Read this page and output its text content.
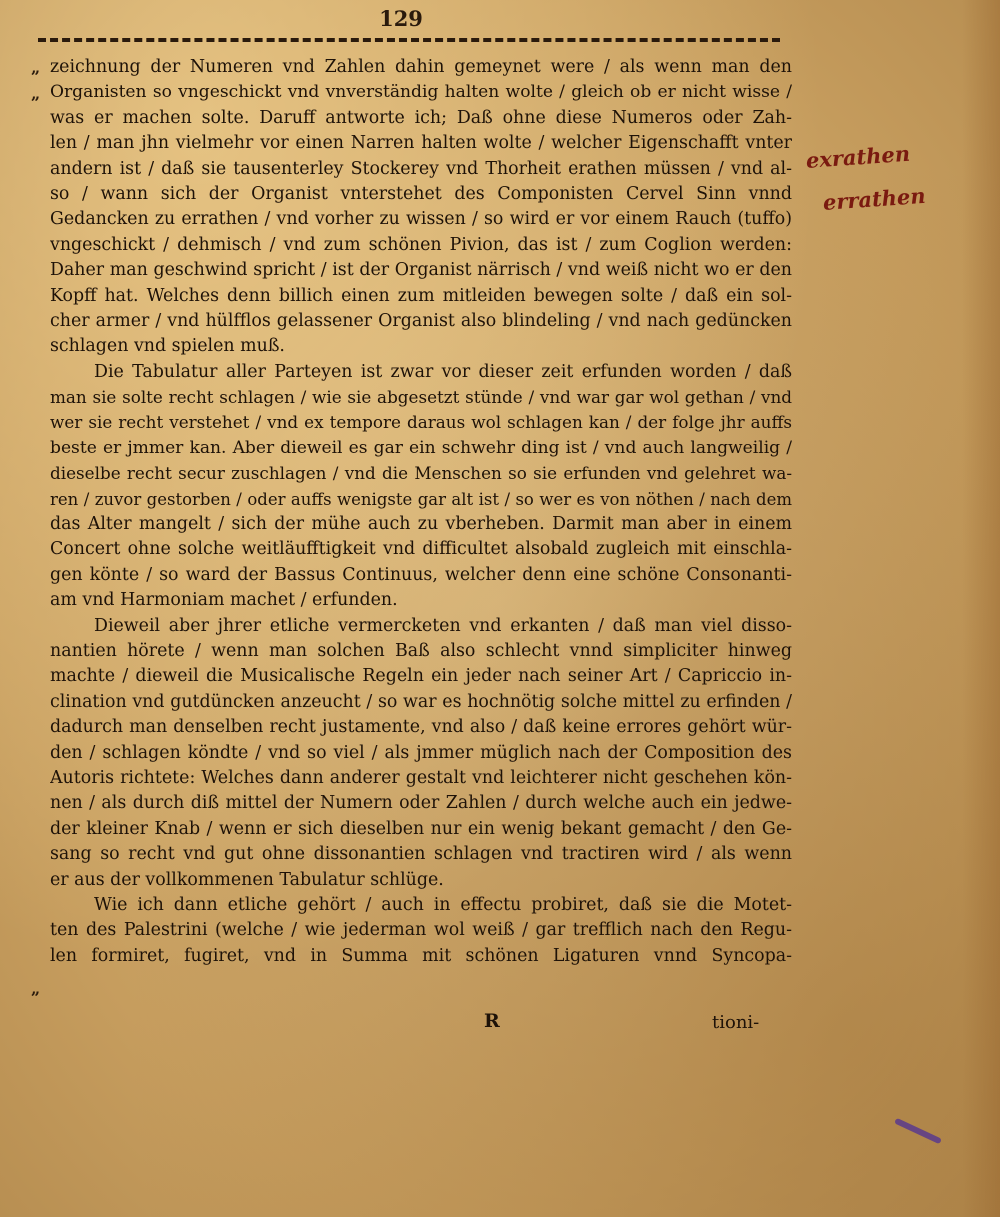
129
„
„
„
zeichnung der Numeren vnd Zahlen dahin gemeynet were / als wenn man den
Organisten so vngeschickt vnd vnverständig halten wolte / gleich ob er nicht wisse /
was er machen solte. Daruff antworte ich; Daß ohne diese Numeros oder Zah-
len / man jhn vielmehr vor einen Narren halten wolte / welcher Eigenschafft vnter
andern ist / daß sie tausenterley Stockerey vnd Thorheit erathen müssen / vnd al-
so / wann sich der Organist vnterstehet des Componisten Cervel Sinn vnnd
Gedancken zu errathen / vnd vorher zu wissen / so wird er vor einem Rauch (tuffo)
vngeschickt / dehmisch / vnd zum schönen Pivion, das ist / zum Coglion werden:
Daher man geschwind spricht / ist der Organist närrisch / vnd weiß nicht wo er den
Kopff hat. Welches denn billich einen zum mitleiden bewegen solte / daß ein sol-
cher armer / vnd hülfflos gelassener Organist also blindeling / vnd nach gedüncken
schlagen vnd spielen muß.
Die Tabulatur aller Parteyen ist zwar vor dieser zeit erfunden worden / daß
man sie solte recht schlagen / wie sie abgesetzt stünde / vnd war gar wol gethan / vnd
wer sie recht verstehet / vnd ex tempore daraus wol schlagen kan / der folge jhr auffs
beste er jmmer kan. Aber dieweil es gar ein schwehr ding ist / vnd auch langweilig /
dieselbe recht secur zuschlagen / vnd die Menschen so sie erfunden vnd gelehret wa-
ren / zuvor gestorben / oder auffs wenigste gar alt ist / so wer es von nöthen / nach dem
das Alter mangelt / sich der mühe auch zu vberheben. Darmit man aber in einem
Concert ohne solche weitläufftigkeit vnd difficultet alsobald zugleich mit einschla-
gen könte / so ward der Bassus Continuus, welcher denn eine schöne Consonanti-
am vnd Harmoniam machet / erfunden.
Dieweil aber jhrer etliche vermercketen vnd erkanten / daß man viel disso-
nantien hörete / wenn man solchen Baß also schlecht vnnd simpliciter hinweg
machte / dieweil die Musicalische Regeln ein jeder nach seiner Art / Capriccio in-
clination vnd gutdüncken anzeucht / so war es hochnötig solche mittel zu erfinden /
dadurch man denselben recht justamente, vnd also / daß keine errores gehört wür-
den / schlagen köndte / vnd so viel / als jmmer müglich nach der Composition des
Autoris richtete: Welches dann anderer gestalt vnd leichterer nicht geschehen kön-
nen / als durch diß mittel der Numern oder Zahlen / durch welche auch ein jedwe-
der kleiner Knab / wenn er sich dieselben nur ein wenig bekant gemacht / den Ge-
sang so recht vnd gut ohne dissonantien schlagen vnd tractiren wird / als wenn
er aus der vollkommenen Tabulatur schlüge.
Wie ich dann etliche gehört / auch in effectu probiret, daß sie die Motet-
ten des Palestrini (welche / wie jederman wol weiß / gar trefflich nach den Regu-
len formiret, fugiret, vnd in Summa mit schönen Ligaturen vnnd Syncopa-
R	tioni-
exrathen
errathen
